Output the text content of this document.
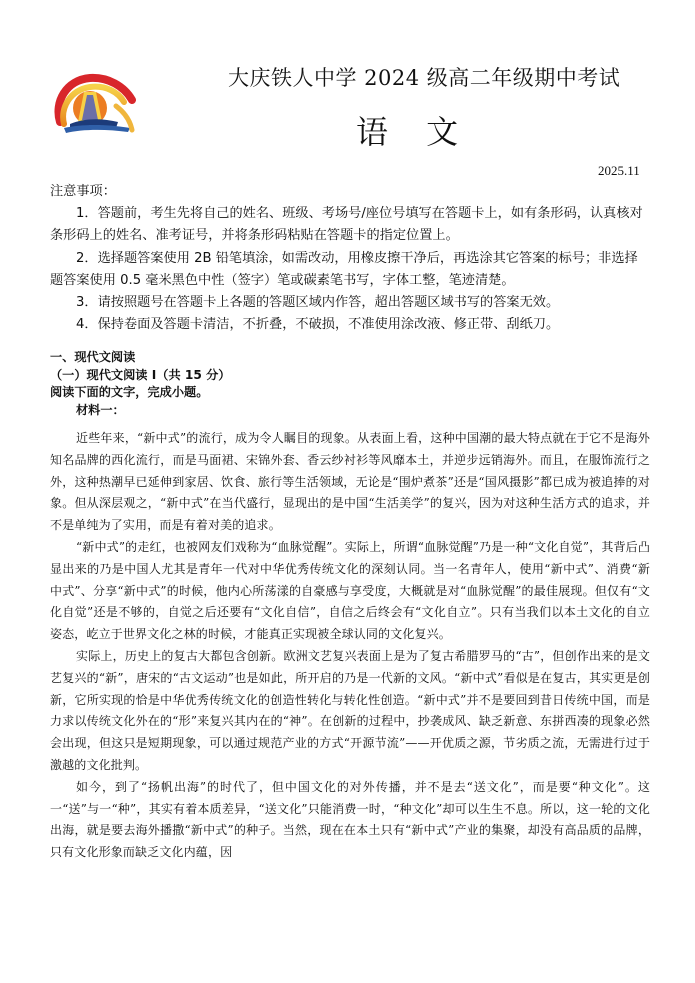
大庆铁人中学 2024 级高二年级期中考试
语 文
2025.11

注意事项：

1．答题前，考生先将自己的姓名、班级、考场号/座位号填写在答题卡上，如有条形码，认真核对条形码上的姓名、准考证号，并将条形码粘贴在答题卡的指定位置上。

2．选择题答案使用 2B 铅笔填涂，如需改动，用橡皮擦干净后，再选涂其它答案的标号；非选择题答案使用 0.5 毫米黑色中性（签字）笔或碳素笔书写，字体工整，笔迹清楚。

3．请按照题号在答题卡上各题的答题区域内作答，超出答题区域书写的答案无效。

4．保持卷面及答题卡清洁，不折叠，不破损，不准使用涂改液、修正带、刮纸刀。

一、现代文阅读

（一）现代文阅读 I（共 15 分）

阅读下面的文字，完成小题。

材料一：

近些年来，“新中式”的流行，成为令人瞩目的现象。从表面上看，这种中国潮的最大特点就在于它不是海外知名品牌的西化流行，而是马面裙、宋锦外套、香云纱衬衫等风靡本土，并逆步远销海外。而且，在服饰流行之外，这种热潮早已延伸到家居、饮食、旅行等生活领域，无论是“围炉煮茶”还是“国风摄影”都已成为被追捧的对象。但从深层观之，“新中式”在当代盛行，显现出的是中国“生活美学”的复兴，因为对这种生活方式的追求，并不是单纯为了实用，而是有着对美的追求。

“新中式”的走红，也被网友们戏称为“血脉觉醒”。实际上，所谓“血脉觉醒”乃是一种“文化自觉”，其背后凸显出来的乃是中国人尤其是青年一代对中华优秀传统文化的深刻认同。当一名青年人，使用“新中式”、消费“新中式”、分享“新中式”的时候，他内心所荡漾的自豪感与享受度，大概就是对“血脉觉醒”的最佳展现。但仅有“文化自觉”还是不够的，自觉之后还要有“文化自信”，自信之后终会有“文化自立”。只有当我们以本土文化的自立姿态，屹立于世界文化之林的时候，才能真正实现被全球认同的文化复兴。

实际上，历史上的复古大都包含创新。欧洲文艺复兴表面上是为了复古希腊罗马的“古”，但创作出来的是文艺复兴的“新”，唐宋的“古文运动”也是如此，所开启的乃是一代新的文风。“新中式”看似是在复古，其实更是创新，它所实现的恰是中华优秀传统文化的创造性转化与转化性创造。“新中式”并不是要回到昔日传统中国，而是力求以传统文化外在的“形”来复兴其内在的“神”。在创新的过程中，抄袭成风、缺乏新意、东拼西凑的现象必然会出现，但这只是短期现象，可以通过规范产业的方式“开源节流”——开优质之源，节劣质之流，无需进行过于激越的文化批判。

如今，到了“扬帆出海”的时代了，但中国文化的对外传播，并不是去“送文化”，而是要“种文化”。这一“送”与一“种”，其实有着本质差异，“送文化”只能消费一时，“种文化”却可以生生不息。所以，这一轮的文化出海，就是要去海外播撒“新中式”的种子。当然，现在在本土只有“新中式”产业的集聚，却没有高品质的品牌，只有文化形象而缺乏文化内蕴，因
